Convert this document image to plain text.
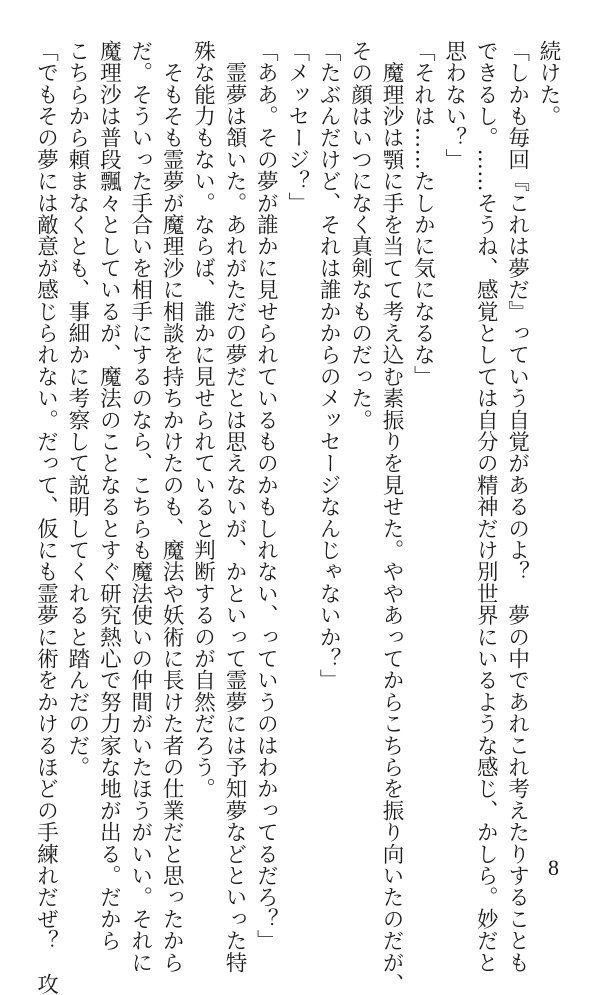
続けた。
「しかも毎回『これは夢だ』っていう自覚があるのよ？　夢の中であれこれ考えたりすることも
できるし。……そうね、感覚としては自分の精神だけ別世界にいるような感じ、かしら。妙だと
思わない？」
「それは……たしかに気になるな」
　魔理沙は顎に手を当てて考え込む素振りを見せた。ややあってからこちらを振り向いたのだが、
その顔はいつになく真剣なものだった。
「たぶんだけど、それは誰かからのメッセージなんじゃないか？」
「メッセージ？」
「ああ。その夢が誰かに見せられているものかもしれない、っていうのはわかってるだろ？」
　霊夢は頷いた。あれがただの夢だとは思えないが、かといって霊夢には予知夢などといった特
殊な能力もない。ならば、誰かに見せられていると判断するのが自然だろう。
　そもそも霊夢が魔理沙に相談を持ちかけたのも、魔法や妖術に長けた者の仕業だと思ったから
だ。そういった手合いを相手にするのなら、こちらも魔法使いの仲間がいたほうがいい。それに
魔理沙は普段飄々としているが、魔法のことなるとすぐ研究熱心で努力家な地が出る。だから
こちらから頼まなくとも、事細かに考察して説明してくれると踏んだのだ。
「でもその夢には敵意が感じられない。だって、仮にも霊夢に術をかけるほどの手練れだぜ？　攻	8
